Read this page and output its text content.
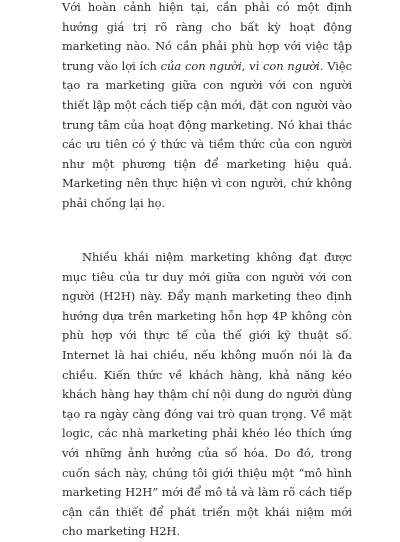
Với hoàn cảnh hiện tại, cần phải có một định hướng giá trị rõ ràng cho bất kỳ hoạt động marketing nào. Nó cần phải phù hợp với việc tập trung vào lợi ích của con người, vì con người. Việc tạo ra marketing giữa con người với con người thiết lập một cách tiếp cận mới, đặt con người vào trung tâm của hoạt động marketing. Nó khai thác các ưu tiên có ý thức và tiềm thức của con người như một phương tiện để marketing hiệu quả. Marketing nên thực hiện vì con người, chứ không phải chống lại họ.

Nhiều khái niệm marketing không đạt được mục tiêu của tư duy mới giữa con người với con người (H2H) này. Đẩy mạnh marketing theo định hướng dựa trên marketing hỗn hợp 4P không còn phù hợp với thực tế của thế giới kỹ thuật số. Internet là hai chiều, nếu không muốn nói là đa chiều. Kiến thức về khách hàng, khả năng kéo khách hàng hay thậm chí nội dung do người dùng tạo ra ngày càng đóng vai trò quan trọng. Về mặt logic, các nhà marketing phải khéo léo thích ứng với những ảnh hưởng của số hóa. Do đó, trong cuốn sách này, chúng tôi giới thiệu một “mô hình marketing H2H” mới để mô tả và làm rõ cách tiếp cận cần thiết để phát triển một khái niệm mới cho marketing H2H.
